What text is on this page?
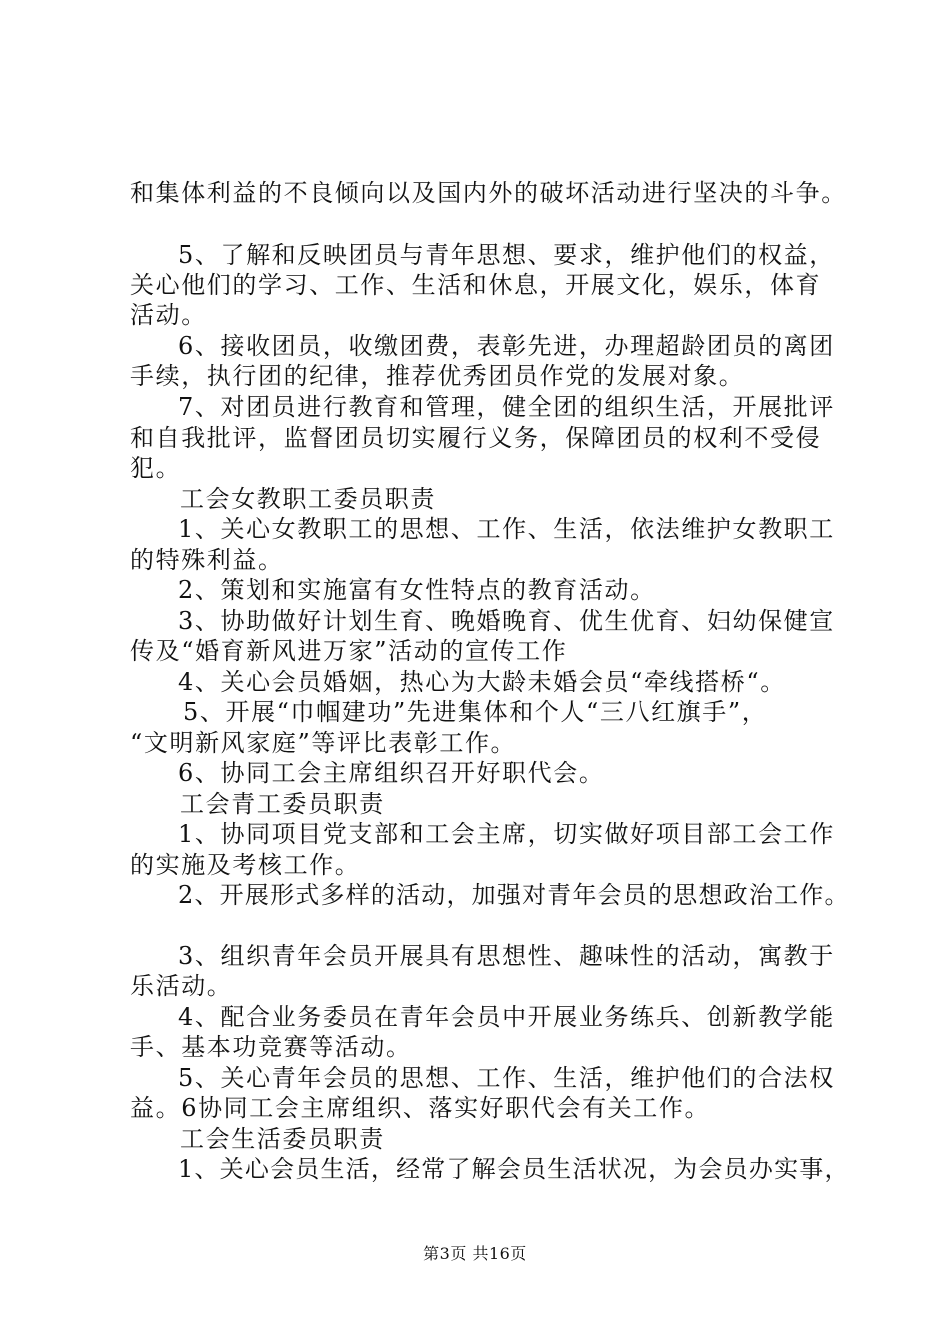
和集体利益的不良倾向以及国内外的破坏活动进行坚决的斗争。
5、了解和反映团员与青年思想、要求，维护他们的权益，
关心他们的学习、工作、生活和休息，开展文化，娱乐，体育
活动。
6、接收团员，收缴团费，表彰先进，办理超龄团员的离团
手续，执行团的纪律，推荐优秀团员作党的发展对象。
7、对团员进行教育和管理，健全团的组织生活，开展批评
和自我批评，监督团员切实履行义务，保障团员的权利不受侵
犯。
工会女教职工委员职责
1、关心女教职工的思想、工作、生活，依法维护女教职工
的特殊利益。
2、策划和实施富有女性特点的教育活动。
3、协助做好计划生育、晚婚晚育、优生优育、妇幼保健宣
传及“婚育新风进万家”活动的宣传工作
4、关心会员婚姻，热心为大龄未婚会员“牵线搭桥“。
5、开展“巾帼建功”先进集体和个人“三八红旗手”，
“文明新风家庭”等评比表彰工作。
6、协同工会主席组织召开好职代会。
工会青工委员职责
1、协同项目党支部和工会主席，切实做好项目部工会工作
的实施及考核工作。
2、开展形式多样的活动，加强对青年会员的思想政治工作。
3、组织青年会员开展具有思想性、趣味性的活动，寓教于
乐活动。
4、配合业务委员在青年会员中开展业务练兵、创新教学能
手、基本功竞赛等活动。
5、关心青年会员的思想、工作、生活，维护他们的合法权
益。6协同工会主席组织、落实好职代会有关工作。
工会生活委员职责
1、关心会员生活，经常了解会员生活状况，为会员办实事，
第3页 共16页
